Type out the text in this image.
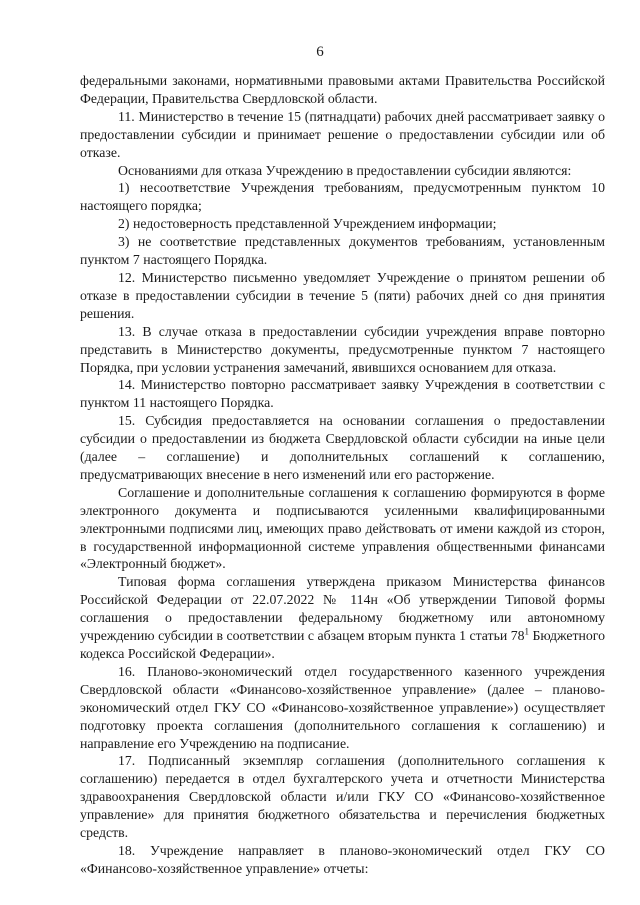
6

федеральными законами, нормативными правовыми актами Правительства Российской Федерации, Правительства Свердловской области.

11. Министерство в течение 15 (пятнадцати) рабочих дней рассматривает заявку о предоставлении субсидии и принимает решение о предоставлении субсидии или об отказе.

Основаниями для отказа Учреждению в предоставлении субсидии являются:

1) несоответствие Учреждения требованиям, предусмотренным пунктом 10 настоящего порядка;

2) недостоверность представленной Учреждением информации;

3) не соответствие представленных документов требованиям, установленным пунктом 7 настоящего Порядка.

12. Министерство письменно уведомляет Учреждение о принятом решении об отказе в предоставлении субсидии в течение 5 (пяти) рабочих дней со дня принятия решения.

13. В случае отказа в предоставлении субсидии учреждения вправе повторно представить в Министерство документы, предусмотренные пунктом 7 настоящего Порядка, при условии устранения замечаний, явившихся основанием для отказа.

14. Министерство повторно рассматривает заявку Учреждения в соответствии с пунктом 11 настоящего Порядка.

15. Субсидия предоставляется на основании соглашения о предоставлении субсидии о предоставлении из бюджета Свердловской области субсидии на иные цели (далее – соглашение) и дополнительных соглашений к соглашению, предусматривающих внесение в него изменений или его расторжение.

Соглашение и дополнительные соглашения к соглашению формируются в форме электронного документа и подписываются усиленными квалифицированными электронными подписями лиц, имеющих право действовать от имени каждой из сторон, в государственной информационной системе управления общественными финансами «Электронный бюджет».

Типовая форма соглашения утверждена приказом Министерства финансов Российской Федерации от 22.07.2022 № 114н «Об утверждении Типовой формы соглашения о предоставлении федеральному бюджетному или автономному учреждению субсидии в соответствии с абзацем вторым пункта 1 статьи $78^1$ Бюджетного кодекса Российской Федерации».

16. Планово-экономический отдел государственного казенного учреждения Свердловской области «Финансово-хозяйственное управление» (далее – планово-экономический отдел ГКУ СО «Финансово-хозяйственное управление») осуществляет подготовку проекта соглашения (дополнительного соглашения к соглашению) и направление его Учреждению на подписание.

17. Подписанный экземпляр соглашения (дополнительного соглашения к соглашению) передается в отдел бухгалтерского учета и отчетности Министерства здравоохранения Свердловской области и/или ГКУ СО «Финансово-хозяйственное управление» для принятия бюджетного обязательства и перечисления бюджетных средств.

18. Учреждение направляет в планово-экономический отдел ГКУ СО «Финансово-хозяйственное управление» отчеты:
